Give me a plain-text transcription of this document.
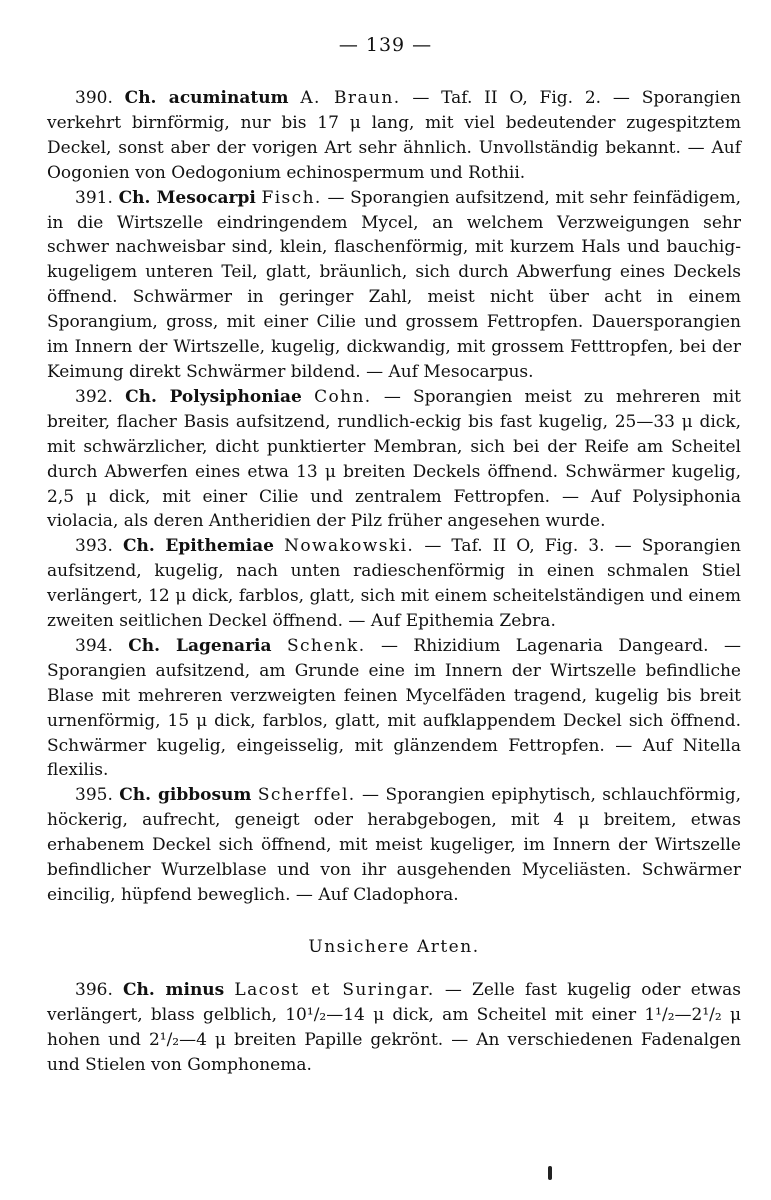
— 139 —

390. Ch. acuminatum A. Braun. — Taf. II O, Fig. 2. — Sporangien verkehrt birnförmig, nur bis 17 μ lang, mit viel bedeutender zugespitztem Deckel, sonst aber der vorigen Art sehr ähnlich. Unvollständig bekannt. — Auf Oogonien von Oedogonium echinospermum und Rothii.

391. Ch. Mesocarpi Fisch. — Sporangien aufsitzend, mit sehr feinfädigem, in die Wirtszelle eindringendem Mycel, an welchem Verzweigungen sehr schwer nachweisbar sind, klein, flaschenförmig, mit kurzem Hals und bauchig-kugeligem unteren Teil, glatt, bräunlich, sich durch Abwerfung eines Deckels öffnend. Schwärmer in geringer Zahl, meist nicht über acht in einem Sporangium, gross, mit einer Cilie und grossem Fettropfen. Dauersporangien im Innern der Wirtszelle, kugelig, dickwandig, mit grossem Fetttropfen, bei der Keimung direkt Schwärmer bildend. — Auf Mesocarpus.

392. Ch. Polysiphoniae Cohn. — Sporangien meist zu mehreren mit breiter, flacher Basis aufsitzend, rundlich-eckig bis fast kugelig, 25—33 μ dick, mit schwärzlicher, dicht punktierter Membran, sich bei der Reife am Scheitel durch Abwerfen eines etwa 13 μ breiten Deckels öffnend. Schwärmer kugelig, 2,5 μ dick, mit einer Cilie und zentralem Fettropfen. — Auf Polysiphonia violacia, als deren Antheridien der Pilz früher angesehen wurde.

393. Ch. Epithemiae Nowakowski. — Taf. II O, Fig. 3. — Sporangien aufsitzend, kugelig, nach unten radieschenförmig in einen schmalen Stiel verlängert, 12 μ dick, farblos, glatt, sich mit einem scheitelständigen und einem zweiten seitlichen Deckel öffnend. — Auf Epithemia Zebra.

394. Ch. Lagenaria Schenk. — Rhizidium Lagenaria Dangeard. — Sporangien aufsitzend, am Grunde eine im Innern der Wirtszelle befindliche Blase mit mehreren verzweigten feinen Mycelfäden tragend, kugelig bis breit urnenförmig, 15 μ dick, farblos, glatt, mit aufklappendem Deckel sich öffnend. Schwärmer kugelig, eingeisselig, mit glänzendem Fettropfen. — Auf Nitella flexilis.

395. Ch. gibbosum Scherffel. — Sporangien epiphytisch, schlauchförmig, höckerig, aufrecht, geneigt oder herabgebogen, mit 4 μ breitem, etwas erhabenem Deckel sich öffnend, mit meist kugeliger, im Innern der Wirtszelle befindlicher Wurzelblase und von ihr ausgehenden Myceliästen. Schwärmer eincilig, hüpfend beweglich. — Auf Cladophora.

Unsichere Arten.

396. Ch. minus Lacost et Suringar. — Zelle fast kugelig oder etwas verlängert, blass gelblich, 10¹/₂—14 μ dick, am Scheitel mit einer 1¹/₂—2¹/₂ μ hohen und 2¹/₂—4 μ breiten Papille gekrönt. — An verschiedenen Fadenalgen und Stielen von Gomphonema.
